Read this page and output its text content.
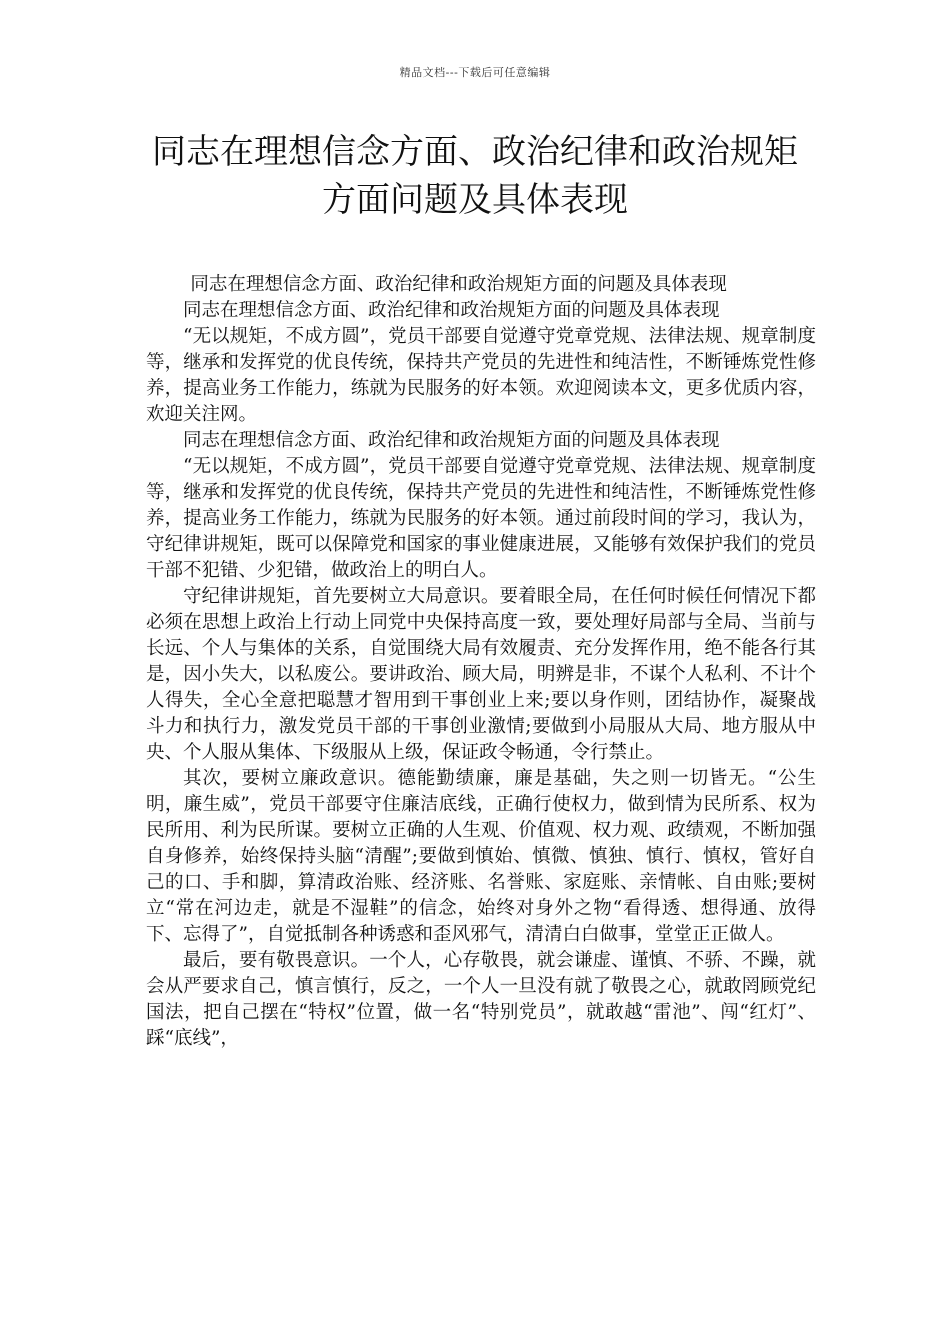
精品文档---下载后可任意编辑
同志在理想信念方面、政治纪律和政治规矩方面问题及具体表现

同志在理想信念方面、政治纪律和政治规矩方面的问题及具体表现

同志在理想信念方面、政治纪律和政治规矩方面的问题及具体表现

“无以规矩，不成方圆”，党员干部要自觉遵守党章党规、法律法规、规章制度等，继承和发挥党的优良传统，保持共产党员的先进性和纯洁性，不断锤炼党性修养，提高业务工作能力，练就为民服务的好本领。欢迎阅读本文，更多优质内容，欢迎关注网。

同志在理想信念方面、政治纪律和政治规矩方面的问题及具体表现

“无以规矩，不成方圆”，党员干部要自觉遵守党章党规、法律法规、规章制度等，继承和发挥党的优良传统，保持共产党员的先进性和纯洁性，不断锤炼党性修养，提高业务工作能力，练就为民服务的好本领。通过前段时间的学习，我认为，守纪律讲规矩，既可以保障党和国家的事业健康进展，又能够有效保护我们的党员干部不犯错、少犯错，做政治上的明白人。

守纪律讲规矩，首先要树立大局意识。要着眼全局，在任何时候任何情况下都必须在思想上政治上行动上同党中央保持高度一致，要处理好局部与全局、当前与长远、个人与集体的关系，自觉围绕大局有效履责、充分发挥作用，绝不能各行其是，因小失大，以私废公。要讲政治、顾大局，明辨是非，不谋个人私利、不计个人得失，全心全意把聪慧才智用到干事创业上来;要以身作则，团结协作，凝聚战斗力和执行力，激发党员干部的干事创业激情;要做到小局服从大局、地方服从中央、个人服从集体、下级服从上级，保证政令畅通，令行禁止。

其次，要树立廉政意识。德能勤绩廉，廉是基础，失之则一切皆无。“公生明，廉生威”，党员干部要守住廉洁底线，正确行使权力，做到情为民所系、权为民所用、利为民所谋。要树立正确的人生观、价值观、权力观、政绩观，不断加强自身修养，始终保持头脑“清醒”;要做到慎始、慎微、慎独、慎行、慎权，管好自己的口、手和脚，算清政治账、经济账、名誉账、家庭账、亲情帐、自由账;要树立“常在河边走，就是不湿鞋”的信念，始终对身外之物“看得透、想得通、放得下、忘得了”，自觉抵制各种诱惑和歪风邪气，清清白白做事，堂堂正正做人。

最后，要有敬畏意识。一个人，心存敬畏，就会谦虚、谨慎、不骄、不躁，就会从严要求自己，慎言慎行，反之，一个人一旦没有就了敬畏之心，就敢罔顾党纪国法，把自己摆在“特权”位置，做一名“特别党员”，就敢越“雷池”、闯“红灯”、踩“底线”，
